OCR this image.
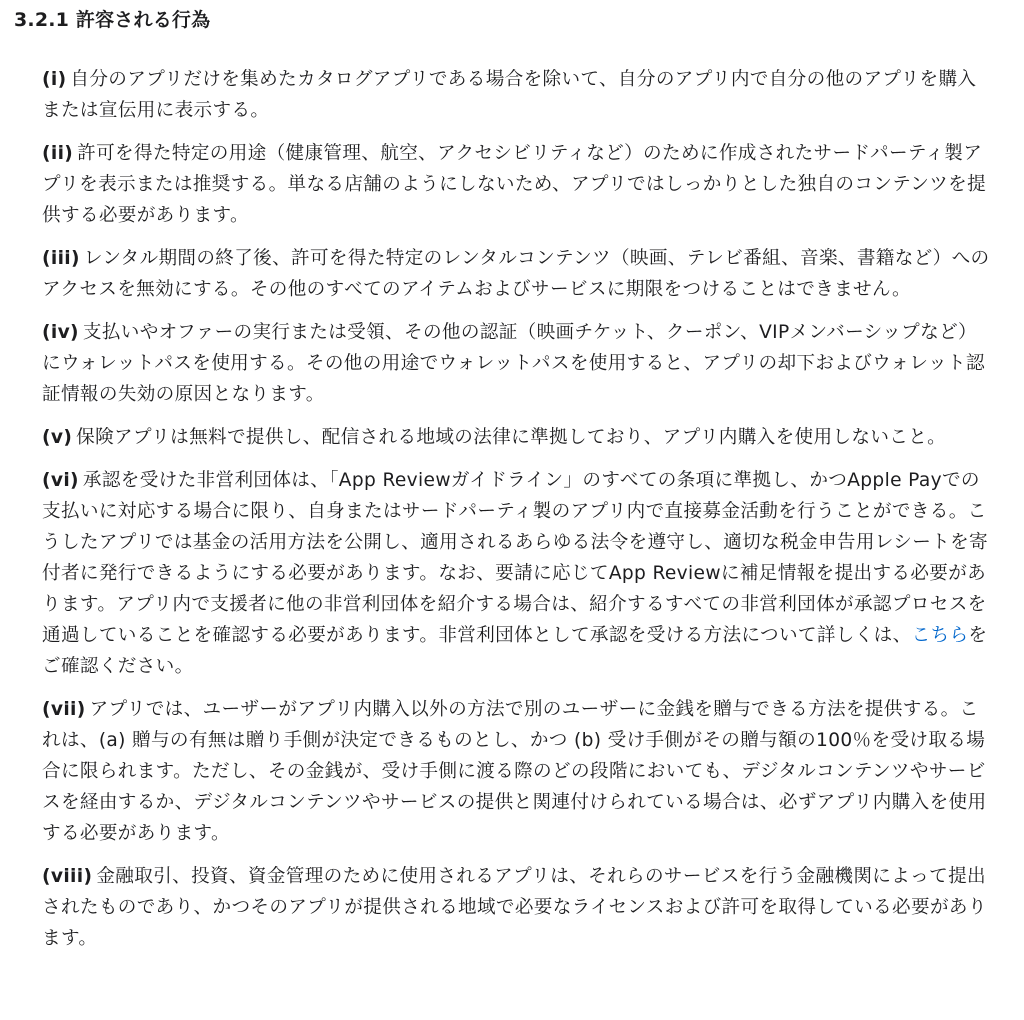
3.2.1 許容される行為
(i) 自分のアプリだけを集めたカタログアプリである場合を除いて、自分のアプリ内で自分の他のアプリを購入または宣伝用に表示する。
(ii) 許可を得た特定の用途（健康管理、航空、アクセシビリティなど）のために作成されたサードパーティ製アプリを表示または推奨する。単なる店舗のようにしないため、アプリではしっかりとした独自のコンテンツを提供する必要があります。
(iii) レンタル期間の終了後、許可を得た特定のレンタルコンテンツ（映画、テレビ番組、音楽、書籍など）へのアクセスを無効にする。その他のすべてのアイテムおよびサービスに期限をつけることはできません。
(iv) 支払いやオファーの実行または受領、その他の認証（映画チケット、クーポン、VIPメンバーシップなど）にウォレットパスを使用する。その他の用途でウォレットパスを使用すると、アプリの却下およびウォレット認証情報の失効の原因となります。
(v) 保険アプリは無料で提供し、配信される地域の法律に準拠しており、アプリ内購入を使用しないこと。
(vi) 承認を受けた非営利団体は、「App Reviewガイドライン」のすべての条項に準拠し、かつApple Payでの支払いに対応する場合に限り、自身またはサードパーティ製のアプリ内で直接募金活動を行うことができる。こうしたアプリでは基金の活用方法を公開し、適用されるあらゆる法令を遵守し、適切な税金申告用レシートを寄付者に発行できるようにする必要があります。なお、要請に応じてApp Reviewに補足情報を提出する必要があります。アプリ内で支援者に他の非営利団体を紹介する場合は、紹介するすべての非営利団体が承認プロセスを通過していることを確認する必要があります。非営利団体として承認を受ける方法について詳しくは、こちらをご確認ください。
(vii) アプリでは、ユーザーがアプリ内購入以外の方法で別のユーザーに金銭を贈与できる方法を提供する。これは、(a) 贈与の有無は贈り手側が決定できるものとし、かつ (b) 受け手側がその贈与額の100％を受け取る場合に限られます。ただし、その金銭が、受け手側に渡る際のどの段階においても、デジタルコンテンツやサービスを経由するか、デジタルコンテンツやサービスの提供と関連付けられている場合は、必ずアプリ内購入を使用する必要があります。
(viii) 金融取引、投資、資金管理のために使用されるアプリは、それらのサービスを行う金融機関によって提出されたものであり、かつそのアプリが提供される地域で必要なライセンスおよび許可を取得している必要があります。
